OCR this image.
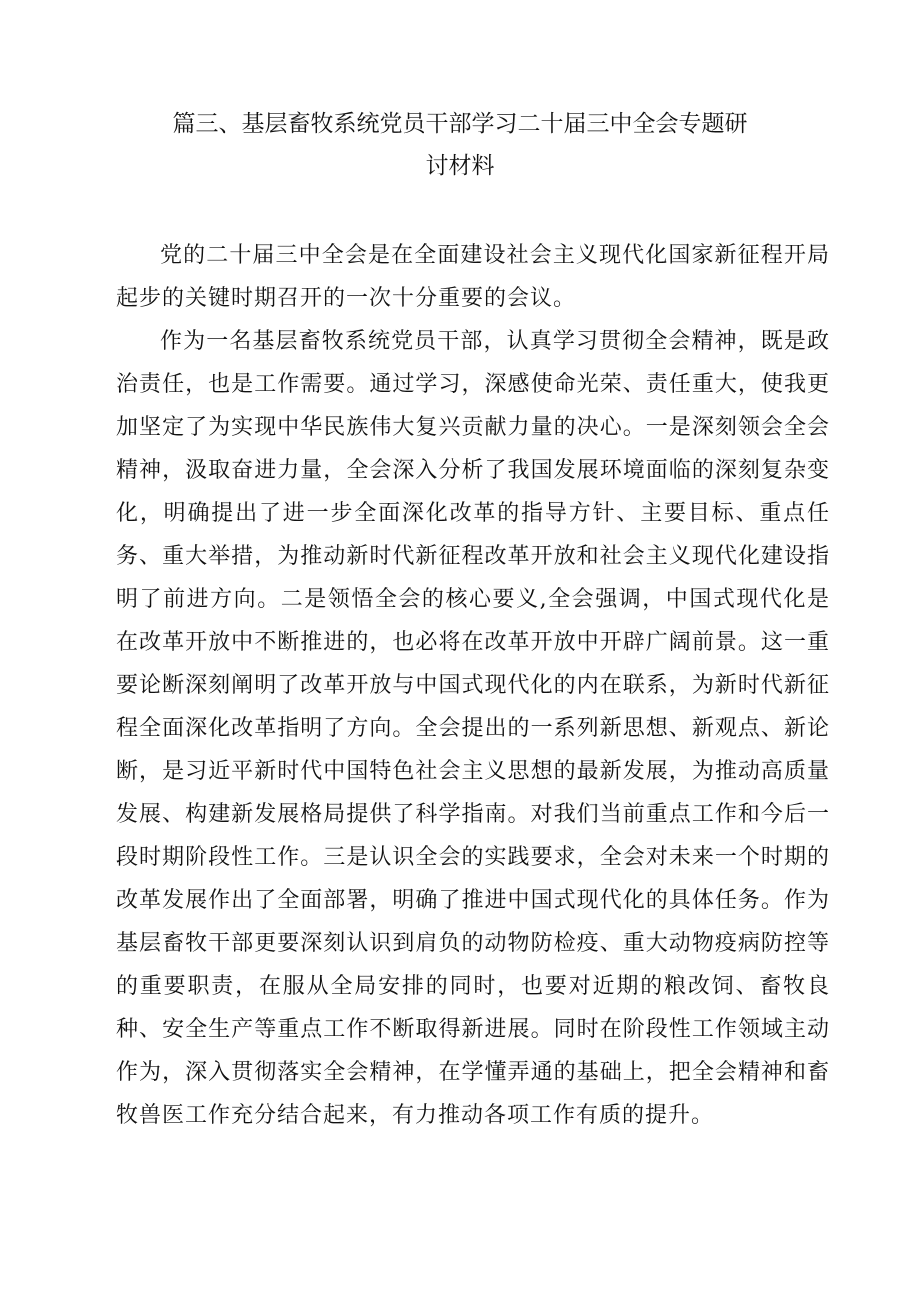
篇三、基层畜牧系统党员干部学习二十届三中全会专题研
讨材料

党的二十届三中全会是在全面建设社会主义现代化国家新征程开局起步的关键时期召开的一次十分重要的会议。

作为一名基层畜牧系统党员干部，认真学习贯彻全会精神，既是政治责任，也是工作需要。通过学习，深感使命光荣、责任重大，使我更加坚定了为实现中华民族伟大复兴贡献力量的决心。一是深刻领会全会精神，汲取奋进力量，全会深入分析了我国发展环境面临的深刻复杂变化，明确提出了进一步全面深化改革的指导方针、主要目标、重点任务、重大举措，为推动新时代新征程改革开放和社会主义现代化建设指明了前进方向。二是领悟全会的核心要义,全会强调，中国式现代化是在改革开放中不断推进的，也必将在改革开放中开辟广阔前景。这一重要论断深刻阐明了改革开放与中国式现代化的内在联系，为新时代新征程全面深化改革指明了方向。全会提出的一系列新思想、新观点、新论断，是习近平新时代中国特色社会主义思想的最新发展，为推动高质量发展、构建新发展格局提供了科学指南。对我们当前重点工作和今后一段时期阶段性工作。三是认识全会的实践要求，全会对未来一个时期的改革发展作出了全面部署，明确了推进中国式现代化的具体任务。作为基层畜牧干部更要深刻认识到肩负的动物防检疫、重大动物疫病防控等的重要职责，在服从全局安排的同时，也要对近期的粮改饲、畜牧良种、安全生产等重点工作不断取得新进展。同时在阶段性工作领域主动作为，深入贯彻落实全会精神，在学懂弄通的基础上，把全会精神和畜牧兽医工作充分结合起来，有力推动各项工作有质的提升。
